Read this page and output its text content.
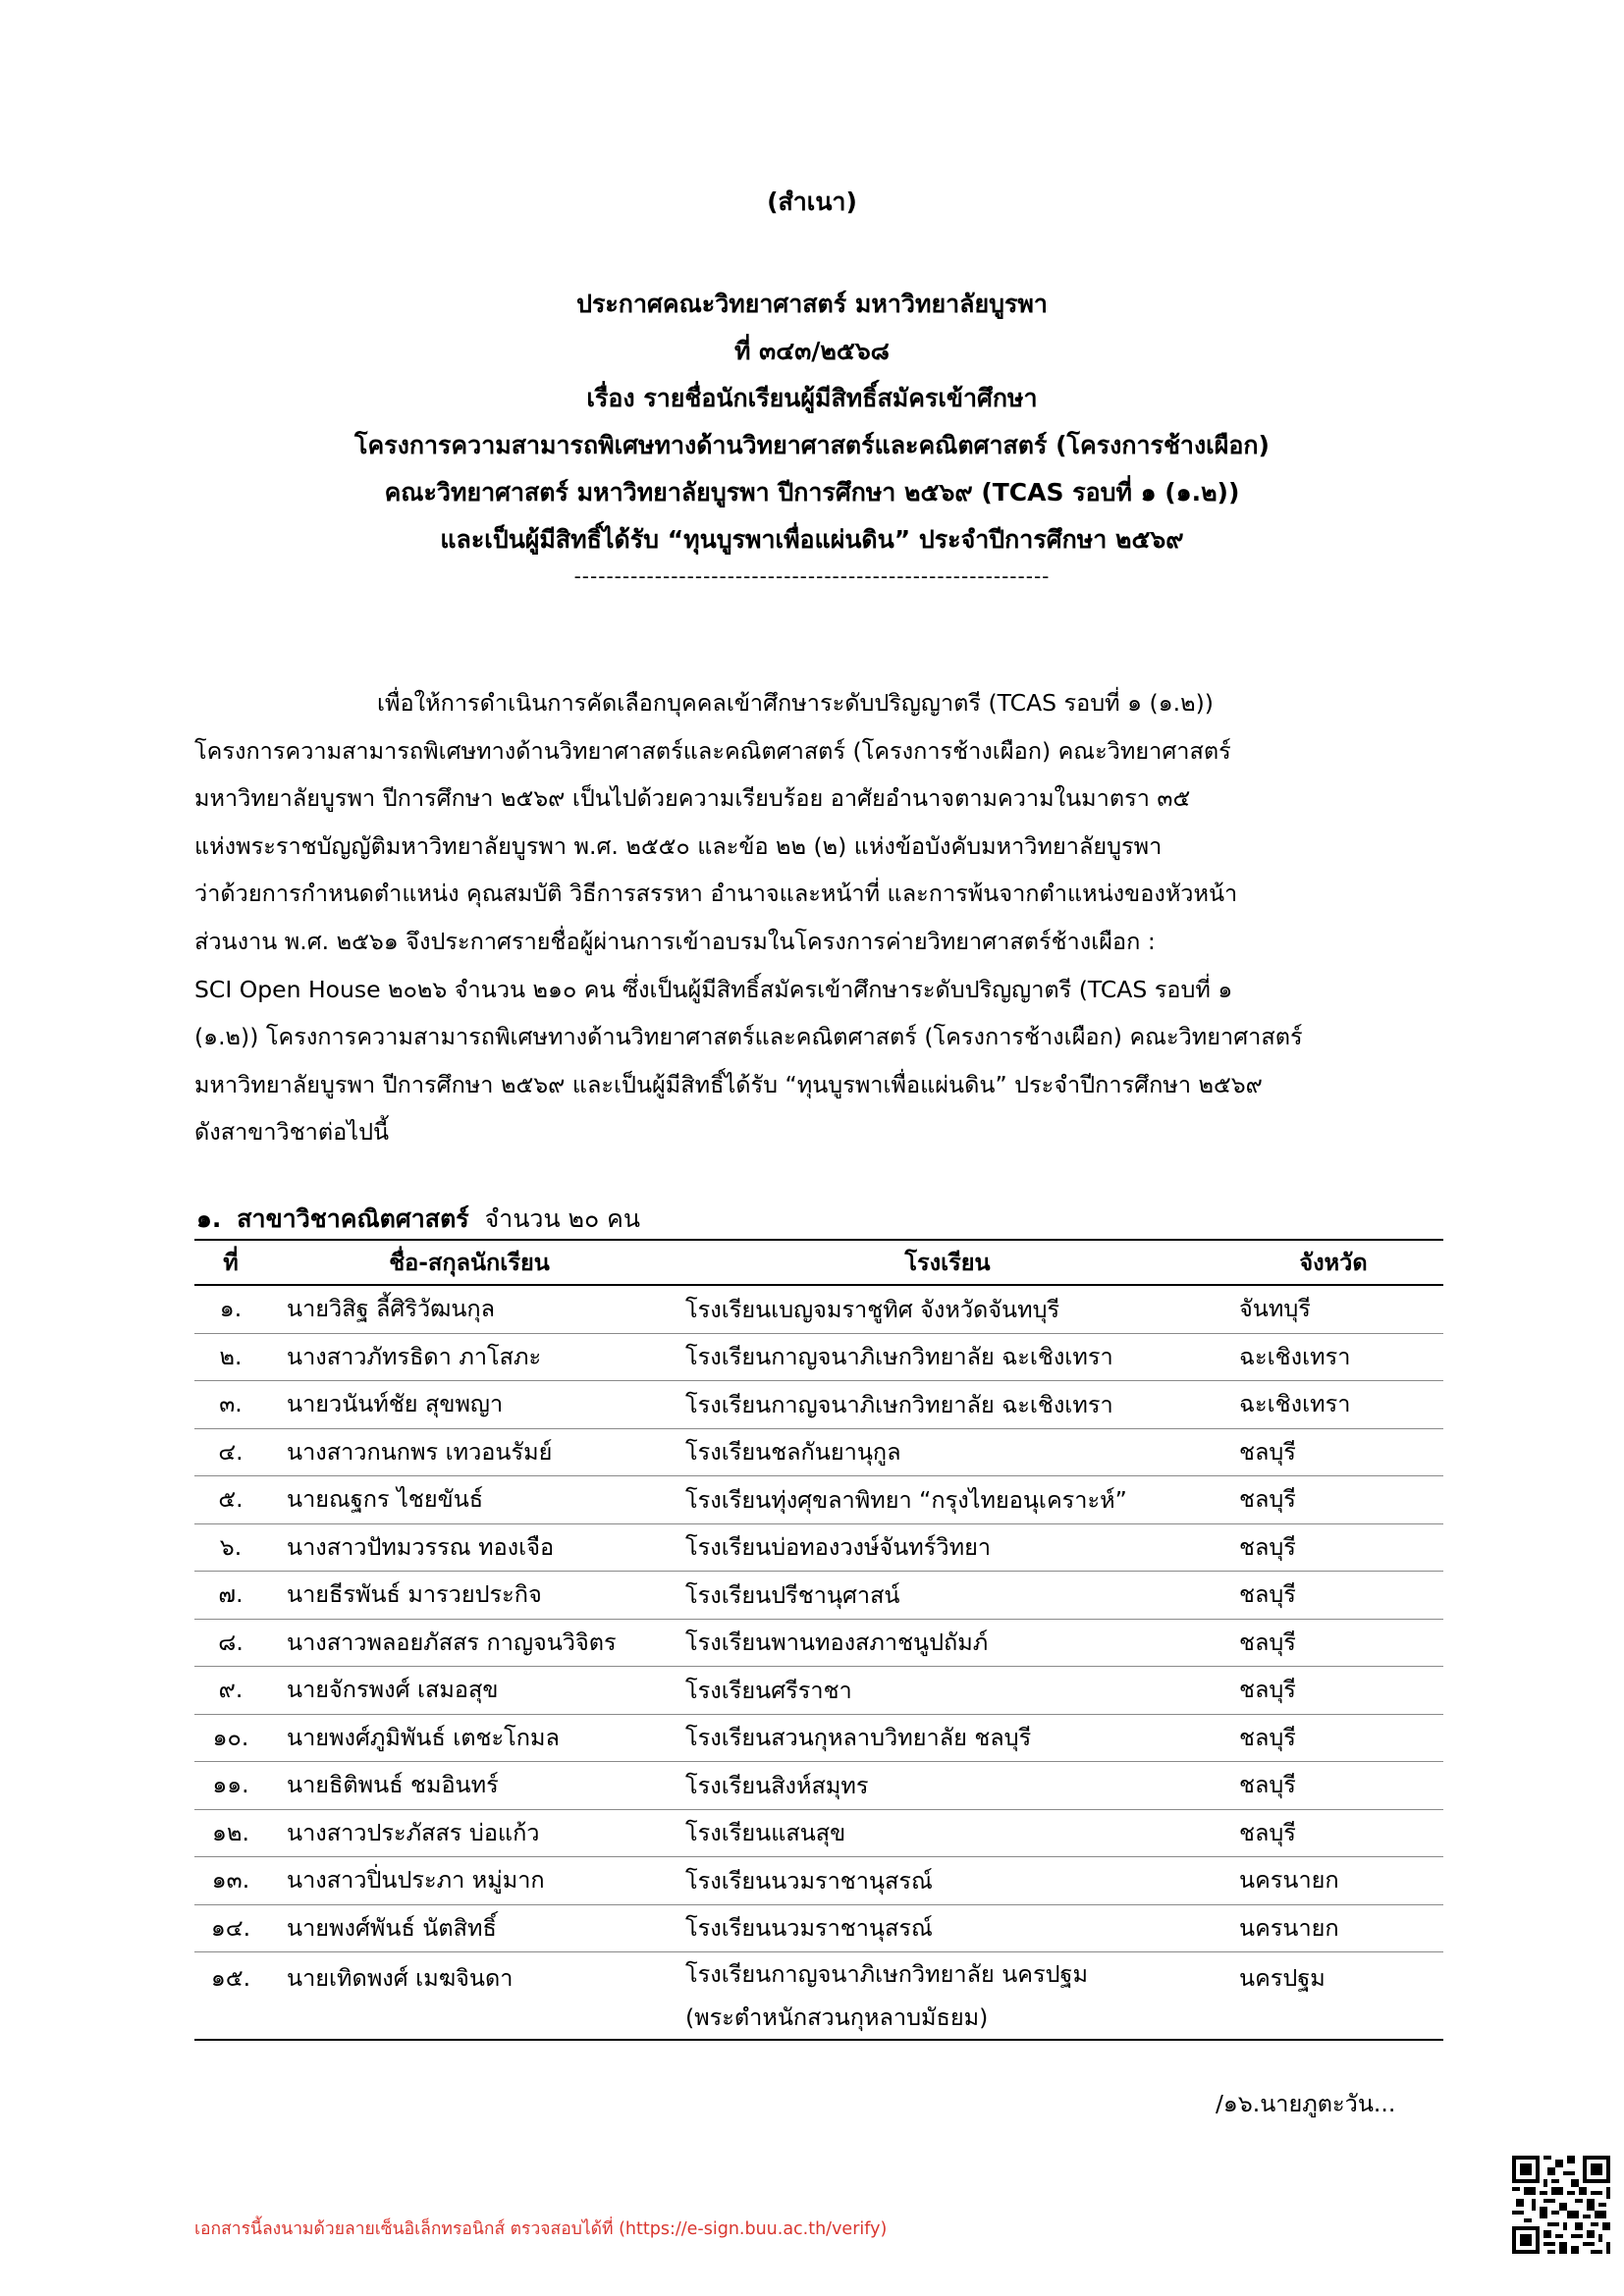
(สำเนา)
ประกาศคณะวิทยาศาสตร์ มหาวิทยาลัยบูรพา
ที่ ๓๔๓/๒๕๖๘
เรื่อง รายชื่อนักเรียนผู้มีสิทธิ์สมัครเข้าศึกษา
โครงการความสามารถพิเศษทางด้านวิทยาศาสตร์และคณิตศาสตร์ (โครงการช้างเผือก)
คณะวิทยาศาสตร์ มหาวิทยาลัยบูรพา ปีการศึกษา ๒๕๖๙ (TCAS รอบที่ ๑ (๑.๒))
และเป็นผู้มีสิทธิ์ได้รับ “ทุนบูรพาเพื่อแผ่นดิน” ประจำปีการศึกษา ๒๕๖๙
-----------------------------------------------------------

เพื่อให้การดำเนินการคัดเลือกบุคคลเข้าศึกษาระดับปริญญาตรี (TCAS รอบที่ ๑ (๑.๒))

โครงการความสามารถพิเศษทางด้านวิทยาศาสตร์และคณิตศาสตร์ (โครงการช้างเผือก) คณะวิทยาศาสตร์

มหาวิทยาลัยบูรพา ปีการศึกษา ๒๕๖๙ เป็นไปด้วยความเรียบร้อย อาศัยอำนาจตามความในมาตรา ๓๕

แห่งพระราชบัญญัติมหาวิทยาลัยบูรพา พ.ศ. ๒๕๕๐ และข้อ ๒๒ (๒) แห่งข้อบังคับมหาวิทยาลัยบูรพา

ว่าด้วยการกำหนดตำแหน่ง คุณสมบัติ วิธีการสรรหา อำนาจและหน้าที่ และการพ้นจากตำแหน่งของหัวหน้า

ส่วนงาน พ.ศ. ๒๕๖๑ จึงประกาศรายชื่อผู้ผ่านการเข้าอบรมในโครงการค่ายวิทยาศาสตร์ช้างเผือก :

SCI Open House ๒๐๒๖ จำนวน ๒๑๐ คน ซึ่งเป็นผู้มีสิทธิ์สมัครเข้าศึกษาระดับปริญญาตรี (TCAS รอบที่ ๑

(๑.๒)) โครงการความสามารถพิเศษทางด้านวิทยาศาสตร์และคณิตศาสตร์ (โครงการช้างเผือก) คณะวิทยาศาสตร์

มหาวิทยาลัยบูรพา ปีการศึกษา ๒๕๖๙ และเป็นผู้มีสิทธิ์ได้รับ “ทุนบูรพาเพื่อแผ่นดิน” ประจำปีการศึกษา ๒๕๖๙

ดังสาขาวิชาต่อไปนี้

๑. สาขาวิชาคณิตศาสตร์ จำนวน ๒๐ คน
ที่	ชื่อ-สกุลนักเรียน	โรงเรียน	จังหวัด
๑.	นายวิสิฐ ลี้ศิริวัฒนกุล	โรงเรียนเบญจมราชูทิศ จังหวัดจันทบุรี	จันทบุรี
๒.	นางสาวภัทรธิดา ภาโสภะ	โรงเรียนกาญจนาภิเษกวิทยาลัย ฉะเชิงเทรา	ฉะเชิงเทรา
๓.	นายวนันท์ชัย สุขพญา	โรงเรียนกาญจนาภิเษกวิทยาลัย ฉะเชิงเทรา	ฉะเชิงเทรา
๔.	นางสาวกนกพร เทวอนรัมย์	โรงเรียนชลกันยานุกูล	ชลบุรี
๕.	นายณฐกร ไชยขันธ์	โรงเรียนทุ่งศุขลาพิทยา “กรุงไทยอนุเคราะห์”	ชลบุรี
๖.	นางสาวปัทมวรรณ ทองเจือ	โรงเรียนบ่อทองวงษ์จันทร์วิทยา	ชลบุรี
๗.	นายธีรพันธ์ มารวยประกิจ	โรงเรียนปรีชานุศาสน์	ชลบุรี
๘.	นางสาวพลอยภัสสร กาญจนวิจิตร	โรงเรียนพานทองสภาชนูปถัมภ์	ชลบุรี
๙.	นายจักรพงศ์ เสมอสุข	โรงเรียนศรีราชา	ชลบุรี
๑๐.	นายพงศ์ภูมิพันธ์ เตชะโกมล	โรงเรียนสวนกุหลาบวิทยาลัย ชลบุรี	ชลบุรี
๑๑.	นายธิติพนธ์ ชมอินทร์	โรงเรียนสิงห์สมุทร	ชลบุรี
๑๒.	นางสาวประภัสสร บ่อแก้ว	โรงเรียนแสนสุข	ชลบุรี
๑๓.	นางสาวปิ่นประภา หมู่มาก	โรงเรียนนวมราชานุสรณ์	นครนายก
๑๔.	นายพงศ์พันธ์ นัตสิทธิ์	โรงเรียนนวมราชานุสรณ์	นครนายก
๑๕.	นายเทิดพงศ์ เมฆจินดา	โรงเรียนกาญจนาภิเษกวิทยาลัย นครปฐม
(พระตำหนักสวนกุหลาบมัธยม)	นครปฐม
/๑๖.นายภูตะวัน...
เอกสารนี้ลงนามด้วยลายเซ็นอิเล็กทรอนิกส์ ตรวจสอบได้ที่ (https://e-sign.buu.ac.th/verify)
